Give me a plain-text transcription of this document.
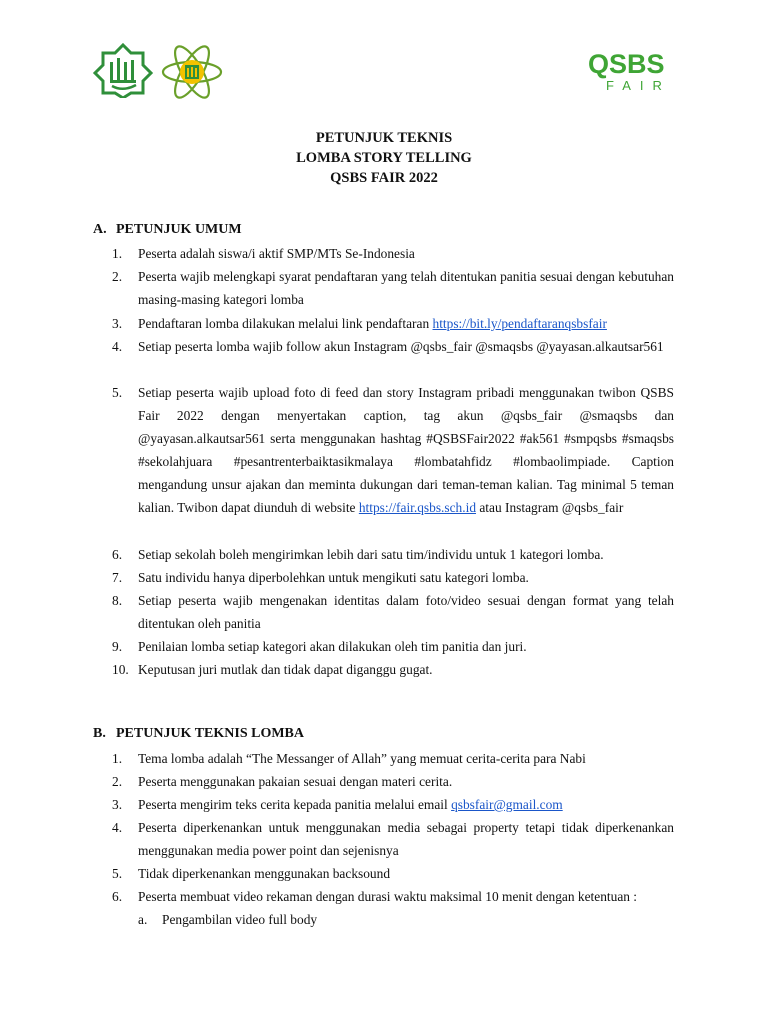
QSBS
FAIR
PETUNJUK TEKNIS
LOMBA STORY TELLING
QSBS FAIR 2022
A. PETUNJUK UMUM
1.	Peserta adalah siswa/i aktif SMP/MTs Se-Indonesia
2.	Peserta wajib melengkapi syarat pendaftaran yang telah ditentukan panitia sesuai dengan kebutuhan masing-masing kategori lomba
3.	Pendaftaran lomba dilakukan melalui link pendaftaran https://bit.ly/pendaftaranqsbsfair
4.	Setiap peserta lomba wajib follow akun Instagram @qsbs_fair @smaqsbs @yayasan.alkautsar561
5.	Setiap peserta wajib upload foto di feed dan story Instagram pribadi menggunakan twibon QSBS Fair 2022 dengan menyertakan caption, tag akun @qsbs_fair @smaqsbs dan @yayasan.alkautsar561 serta menggunakan hashtag #QSBSFair2022 #ak561 #smpqsbs #smaqsbs #sekolahjuara #pesantrenterbaiktasikmalaya #lombatahfidz #lombaolimpiade. Caption mengandung unsur ajakan dan meminta dukungan dari teman-teman kalian. Tag minimal 5 teman kalian. Twibon dapat diunduh di website https://fair.qsbs.sch.id atau Instagram @qsbs_fair
6.	Setiap sekolah boleh mengirimkan lebih dari satu tim/individu untuk 1 kategori lomba.
7.	Satu individu hanya diperbolehkan untuk mengikuti satu kategori lomba.
8.	Setiap peserta wajib mengenakan identitas dalam foto/video sesuai dengan format yang telah ditentukan oleh panitia
9.	Penilaian lomba setiap kategori akan dilakukan oleh tim panitia dan juri.
10. Keputusan juri mutlak dan tidak dapat diganggu gugat.
B. PETUNJUK TEKNIS LOMBA
1.	Tema lomba adalah “The Messanger of Allah” yang memuat cerita-cerita para Nabi
2.	Peserta menggunakan pakaian sesuai dengan materi cerita.
3.	Peserta mengirim teks cerita kepada panitia melalui email qsbsfair@gmail.com
4.	Peserta diperkenankan untuk menggunakan media sebagai property tetapi tidak diperkenankan menggunakan media power point dan sejenisnya
5.	Tidak diperkenankan menggunakan backsound
6.	Peserta membuat video rekaman dengan durasi waktu maksimal 10 menit dengan ketentuan :
a. Pengambilan video full body
